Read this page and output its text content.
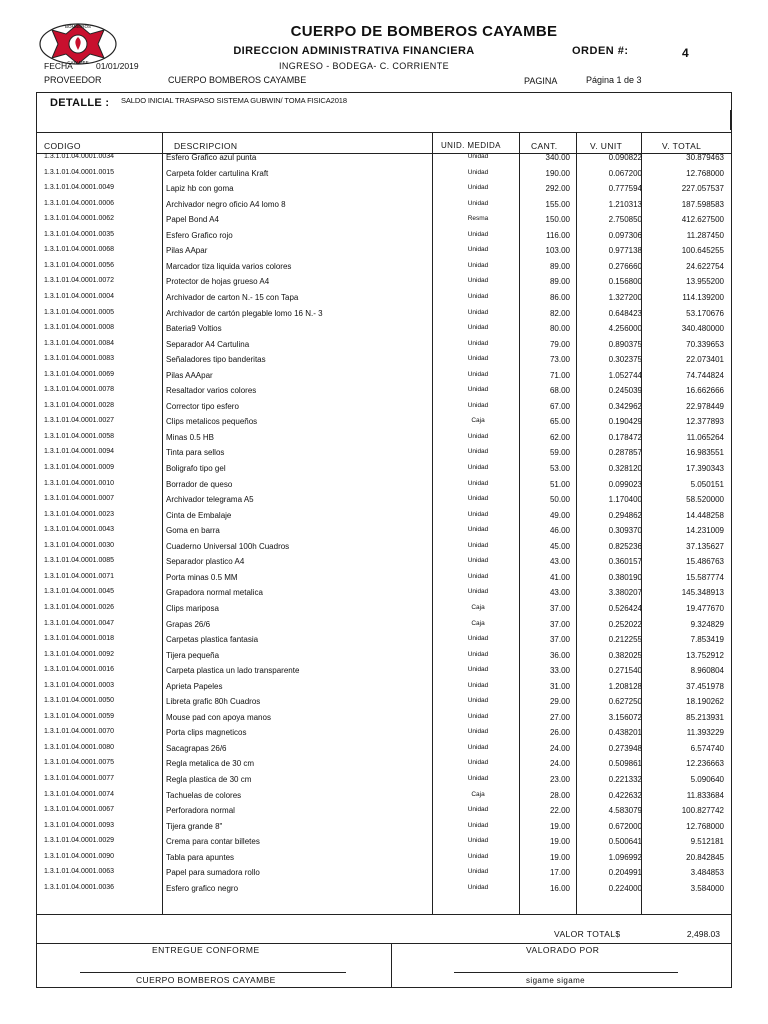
BOMBEROS
CAYAMBE
CUERPO DE BOMBEROS CAYAMBE
DIRECCION ADMINISTRATIVA FINANCIERA	ORDEN #:	4
FECHA	01/01/2019	INGRESO - BODEGA- C. CORRIENTE
PROVEEDOR	CUERPO BOMBEROS CAYAMBE	PAGINA	Página 1 de 3
DETALLE : SALDO INICIAL TRASPASO SISTEMA GUBWIN/ TOMA FISICA2018
CODIGO	DESCRIPCION	UNID. MEDIDA	CANT.	V. UNIT	V. TOTAL
1.3.1.01.04.0001.0034	Esfero Grafico azul punta	Unidad	340.00	0.090822	30.879463
1.3.1.01.04.0001.0015	Carpeta folder cartulina Kraft	Unidad	190.00	0.067200	12.768000
1.3.1.01.04.0001.0049	Lapiz hb con goma	Unidad	292.00	0.777594	227.057537
1.3.1.01.04.0001.0006	Archivador negro oficio A4 lomo 8	Unidad	155.00	1.210313	187.598583
1.3.1.01.04.0001.0062	Papel Bond A4	Resma	150.00	2.750850	412.627500
1.3.1.01.04.0001.0035	Esfero Grafico rojo	Unidad	116.00	0.097306	11.287450
1.3.1.01.04.0001.0068	Pilas AApar	Unidad	103.00	0.977138	100.645255
1.3.1.01.04.0001.0056	Marcador tiza liquida varios colores	Unidad	89.00	0.276660	24.622754
1.3.1.01.04.0001.0072	Protector de hojas grueso A4	Unidad	89.00	0.156800	13.955200
1.3.1.01.04.0001.0004	Archivador de carton N.- 15 con Tapa	Unidad	86.00	1.327200	114.139200
1.3.1.01.04.0001.0005	Archivador de cartón plegable lomo 16 N.- 3	Unidad	82.00	0.648423	53.170676
1.3.1.01.04.0001.0008	Bateria9 Voltios	Unidad	80.00	4.256000	340.480000
1.3.1.01.04.0001.0084	Separador A4 Cartulina	Unidad	79.00	0.890375	70.339653
1.3.1.01.04.0001.0083	Señaladores tipo banderitas	Unidad	73.00	0.302375	22.073401
1.3.1.01.04.0001.0069	Pilas AAApar	Unidad	71.00	1.052744	74.744824
1.3.1.01.04.0001.0078	Resaltador varios colores	Unidad	68.00	0.245039	16.662666
1.3.1.01.04.0001.0028	Corrector tipo esfero	Unidad	67.00	0.342962	22.978449
1.3.1.01.04.0001.0027	Clips metalicos pequeños	Caja	65.00	0.190429	12.377893
1.3.1.01.04.0001.0058	Minas 0.5 HB	Unidad	62.00	0.178472	11.065264
1.3.1.01.04.0001.0094	Tinta para sellos	Unidad	59.00	0.287857	16.983551
1.3.1.01.04.0001.0009	Boligrafo tipo gel	Unidad	53.00	0.328120	17.390343
1.3.1.01.04.0001.0010	Borrador de queso	Unidad	51.00	0.099023	5.050151
1.3.1.01.04.0001.0007	Archivador telegrama A5	Unidad	50.00	1.170400	58.520000
1.3.1.01.04.0001.0023	Cinta de Embalaje	Unidad	49.00	0.294862	14.448258
1.3.1.01.04.0001.0043	Goma en barra	Unidad	46.00	0.309370	14.231009
1.3.1.01.04.0001.0030	Cuaderno Universal 100h Cuadros	Unidad	45.00	0.825236	37.135627
1.3.1.01.04.0001.0085	Separador plastico A4	Unidad	43.00	0.360157	15.486763
1.3.1.01.04.0001.0071	Porta minas 0.5 MM	Unidad	41.00	0.380190	15.587774
1.3.1.01.04.0001.0045	Grapadora normal metalica	Unidad	43.00	3.380207	145.348913
1.3.1.01.04.0001.0026	Clips mariposa	Caja	37.00	0.526424	19.477670
1.3.1.01.04.0001.0047	Grapas 26/6	Caja	37.00	0.252022	9.324829
1.3.1.01.04.0001.0018	Carpetas plastica fantasia	Unidad	37.00	0.212255	7.853419
1.3.1.01.04.0001.0092	Tijera pequeña	Unidad	36.00	0.382025	13.752912
1.3.1.01.04.0001.0016	Carpeta plastica un lado transparente	Unidad	33.00	0.271540	8.960804
1.3.1.01.04.0001.0003	Aprieta Papeles	Unidad	31.00	1.208128	37.451978
1.3.1.01.04.0001.0050	Libreta grafic 80h Cuadros	Unidad	29.00	0.627250	18.190262
1.3.1.01.04.0001.0059	Mouse pad con apoya manos	Unidad	27.00	3.156072	85.213931
1.3.1.01.04.0001.0070	Porta clips magneticos	Unidad	26.00	0.438201	11.393229
1.3.1.01.04.0001.0080	Sacagrapas 26/6	Unidad	24.00	0.273948	6.574740
1.3.1.01.04.0001.0075	Regla metalica de 30 cm	Unidad	24.00	0.509861	12.236663
1.3.1.01.04.0001.0077	Regla plastica de 30 cm	Unidad	23.00	0.221332	5.090640
1.3.1.01.04.0001.0074	Tachuelas de colores	Caja	28.00	0.422632	11.833684
1.3.1.01.04.0001.0067	Perforadora normal	Unidad	22.00	4.583079	100.827742
1.3.1.01.04.0001.0093	Tijera grande 8"	Unidad	19.00	0.672000	12.768000
1.3.1.01.04.0001.0029	Crema para contar billetes	Unidad	19.00	0.500641	9.512181
1.3.1.01.04.0001.0090	Tabla para apuntes	Unidad	19.00	1.096992	20.842845
1.3.1.01.04.0001.0063	Papel para sumadora rollo	Unidad	17.00	0.204991	3.484853
1.3.1.01.04.0001.0036	Esfero grafico negro	Unidad	16.00	0.224000	3.584000
VALOR TOTAL$	2,498.03
ENTREGUE CONFORME	VALORADO POR
CUERPO BOMBEROS CAYAMBE	sigame sigame
